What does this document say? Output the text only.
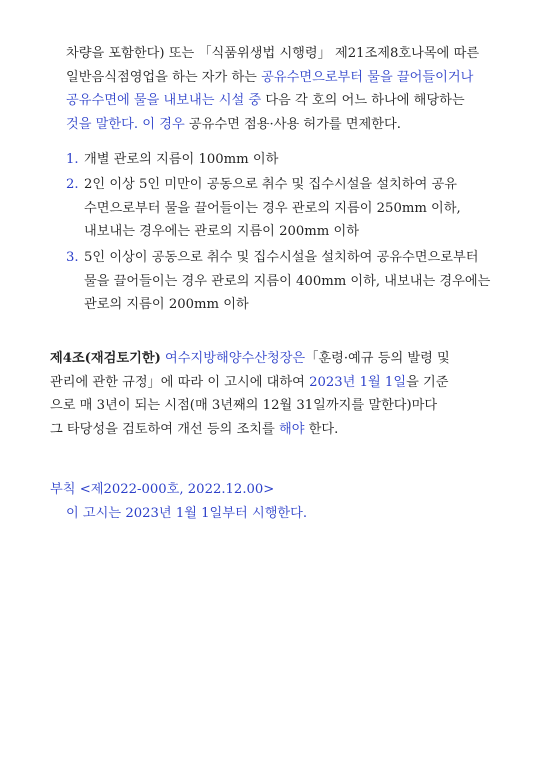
차량을 포함한다) 또는 「식품위생법 시행령」 제21조제8호나목에 따른
일반음식점영업을 하는 자가 하는 공유수면으로부터 물을 끌어들이거나
공유수면에 물을 내보내는 시설 중 다음 각 호의 어느 하나에 해당하는
것을 말한다. 이 경우 공유수면 점용·사용 허가를 면제한다.
1. 개별 관로의 지름이 100mm 이하
2. 2인 이상 5인 미만이 공동으로 취수 및 집수시설을 설치하여 공유
수면으로부터 물을 끌어들이는 경우 관로의 지름이 250mm 이하,
내보내는 경우에는 관로의 지름이 200mm 이하
3. 5인 이상이 공동으로 취수 및 집수시설을 설치하여 공유수면으로부터
물을 끌어들이는 경우 관로의 지름이 400mm 이하, 내보내는 경우에는
관로의 지름이 200mm 이하
제4조(재검토기한) 여수지방해양수산청장은「훈령·예규 등의 발령 및
관리에 관한 규정」에 따라 이 고시에 대하여 2023년 1월 1일을 기준
으로 매 3년이 되는 시점(매 3년째의 12월 31일까지를 말한다)마다
그 타당성을 검토하여 개선 등의 조치를 해야 한다.
부칙 <제2022-000호, 2022.12.00>
이 고시는 2023년 1월 1일부터 시행한다.
